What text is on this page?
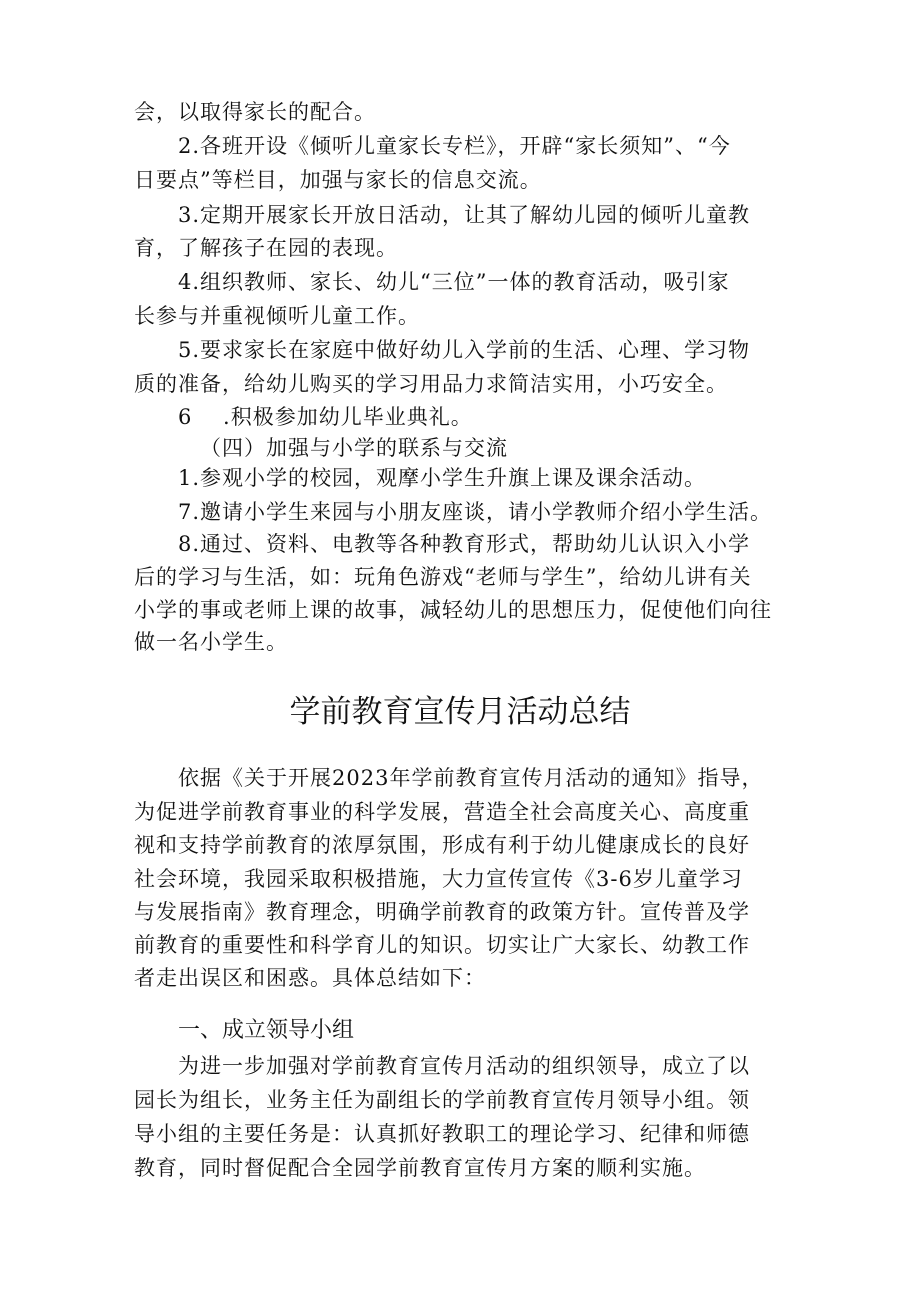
会，以取得家长的配合。
2.各班开设《倾听儿童家长专栏》，开辟“家长须知”、“今
日要点”等栏目，加强与家长的信息交流。
3.定期开展家长开放日活动，让其了解幼儿园的倾听儿童教
育，了解孩子在园的表现。
4.组织教师、家长、幼儿“三位”一体的教育活动，吸引家
长参与并重视倾听儿童工作。
5.要求家长在家庭中做好幼儿入学前的生活、心理、学习物
质的准备，给幼儿购买的学习用品力求简洁实用，小巧安全。
6    .积极参加幼儿毕业典礼。
（四）加强与小学的联系与交流
1.参观小学的校园，观摩小学生升旗上课及课余活动。
7.邀请小学生来园与小朋友座谈，请小学教师介绍小学生活。
8.通过、资料、电教等各种教育形式，帮助幼儿认识入小学
后的学习与生活，如：玩角色游戏“老师与学生”，给幼儿讲有关
小学的事或老师上课的故事，减轻幼儿的思想压力，促使他们向往
做一名小学生。
学前教育宣传月活动总结
依据《关于开展2023年学前教育宣传月活动的通知》指导，
为促进学前教育事业的科学发展，营造全社会高度关心、高度重
视和支持学前教育的浓厚氛围，形成有利于幼儿健康成长的良好
社会环境，我园采取积极措施，大力宣传宣传《3-6岁儿童学习
与发展指南》教育理念，明确学前教育的政策方针。宣传普及学
前教育的重要性和科学育儿的知识。切实让广大家长、幼教工作
者走出误区和困惑。具体总结如下：
一、成立领导小组
为进一步加强对学前教育宣传月活动的组织领导，成立了以
园长为组长，业务主任为副组长的学前教育宣传月领导小组。领
导小组的主要任务是：认真抓好教职工的理论学习、纪律和师德
教育，同时督促配合全园学前教育宣传月方案的顺利实施。
